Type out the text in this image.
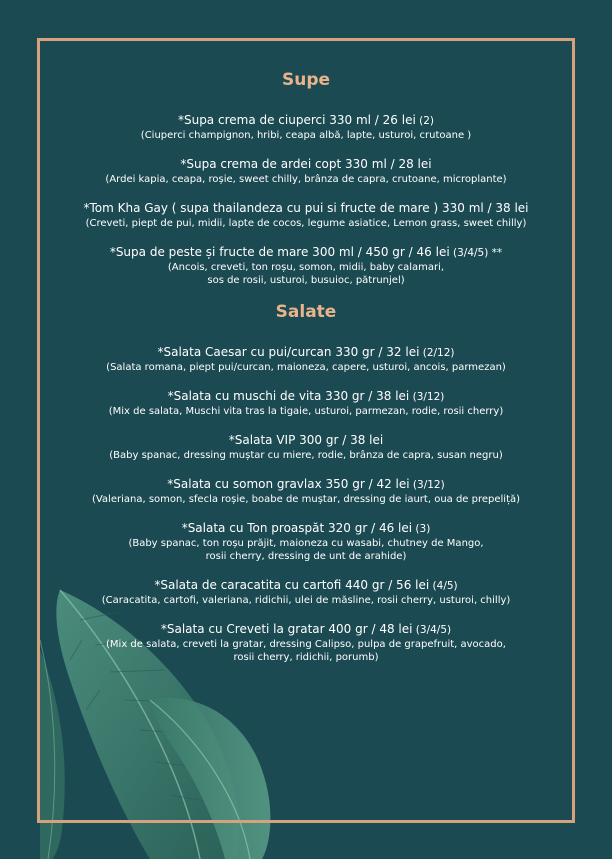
Supe
*Supa crema de ciuperci 330 ml / 26 lei (2)
(Ciuperci champignon, hribi, ceapa albă, lapte, usturoi, crutoane )
*Supa crema de ardei copt 330 ml / 28 lei
(Ardei kapia, ceapa, roșie, sweet chilly, brânza de capra, crutoane, microplante)
*Tom Kha Gay ( supa thailandeza cu pui si fructe de mare ) 330 ml / 38 lei
(Creveti, piept de pui, midii, lapte de cocos, legume asiatice, Lemon grass, sweet chilly)
*Supa de peste și fructe de mare 300 ml / 450 gr / 46 lei (3/4/5) **
(Ancois, creveti, ton roșu, somon, midii, baby calamari,
sos de rosii, usturoi, busuioc, pătrunjel)
Salate
*Salata Caesar cu pui/curcan 330 gr / 32 lei (2/12)
(Salata romana, piept pui/curcan, maioneza, capere, usturoi, ancois, parmezan)
*Salata cu muschi de vita 330 gr / 38 lei (3/12)
(Mix de salata, Muschi vita tras la tigaie, usturoi, parmezan, rodie, rosii cherry)
*Salata VIP 300 gr / 38 lei
(Baby spanac, dressing muștar cu miere, rodie, brânza de capra, susan negru)
*Salata cu somon gravlax 350 gr / 42 lei (3/12)
(Valeriana, somon, sfecla roșie, boabe de muștar, dressing de iaurt, oua de prepeliță)
*Salata cu Ton proaspăt 320 gr / 46 lei (3)
(Baby spanac, ton roșu prăjit, maioneza cu wasabi, chutney de Mango,
rosii cherry, dressing de unt de arahide)
*Salata de caracatita cu cartofi 440 gr / 56 lei (4/5)
(Caracatita, cartofi, valeriana, ridichii, ulei de măsline, rosii cherry, usturoi, chilly)
*Salata cu Creveti la gratar 400 gr / 48 lei (3/4/5)
(Mix de salata, creveti la gratar, dressing Calipso, pulpa de grapefruit, avocado,
rosii cherry, ridichii, porumb)
